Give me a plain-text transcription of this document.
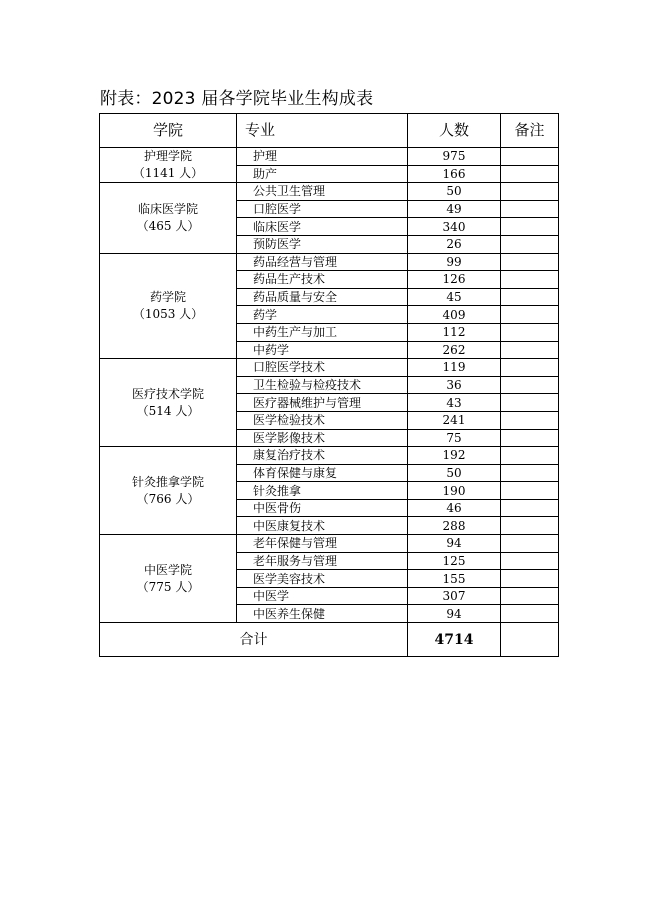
附表：2023 届各学院毕业生构成表
学院	专业	人数	备注

护理学院
（1141 人）	护理	975	
	助产	166	

临床医学院
（465 人）	公共卫生管理	50	
	口腔医学	49	
	临床医学	340	
	预防医学	26	

药学院
（1053 人）	药品经营与管理	99	
	药品生产技术	126	
	药品质量与安全	45	
	药学	409	
	中药生产与加工	112	
	中药学	262	

医疗技术学院
（514 人）	口腔医学技术	119	
	卫生检验与检疫技术	36	
	医疗器械维护与管理	43	
	医学检验技术	241	
	医学影像技术	75	

针灸推拿学院
（766 人）	康复治疗技术	192	
	体育保健与康复	50	
	针灸推拿	190	
	中医骨伤	46	
	中医康复技术	288	

中医学院
（775 人）	老年保健与管理	94	
	老年服务与管理	125	
	医学美容技术	155	
	中医学	307	
	中医养生保健	94	
合计		4714	
